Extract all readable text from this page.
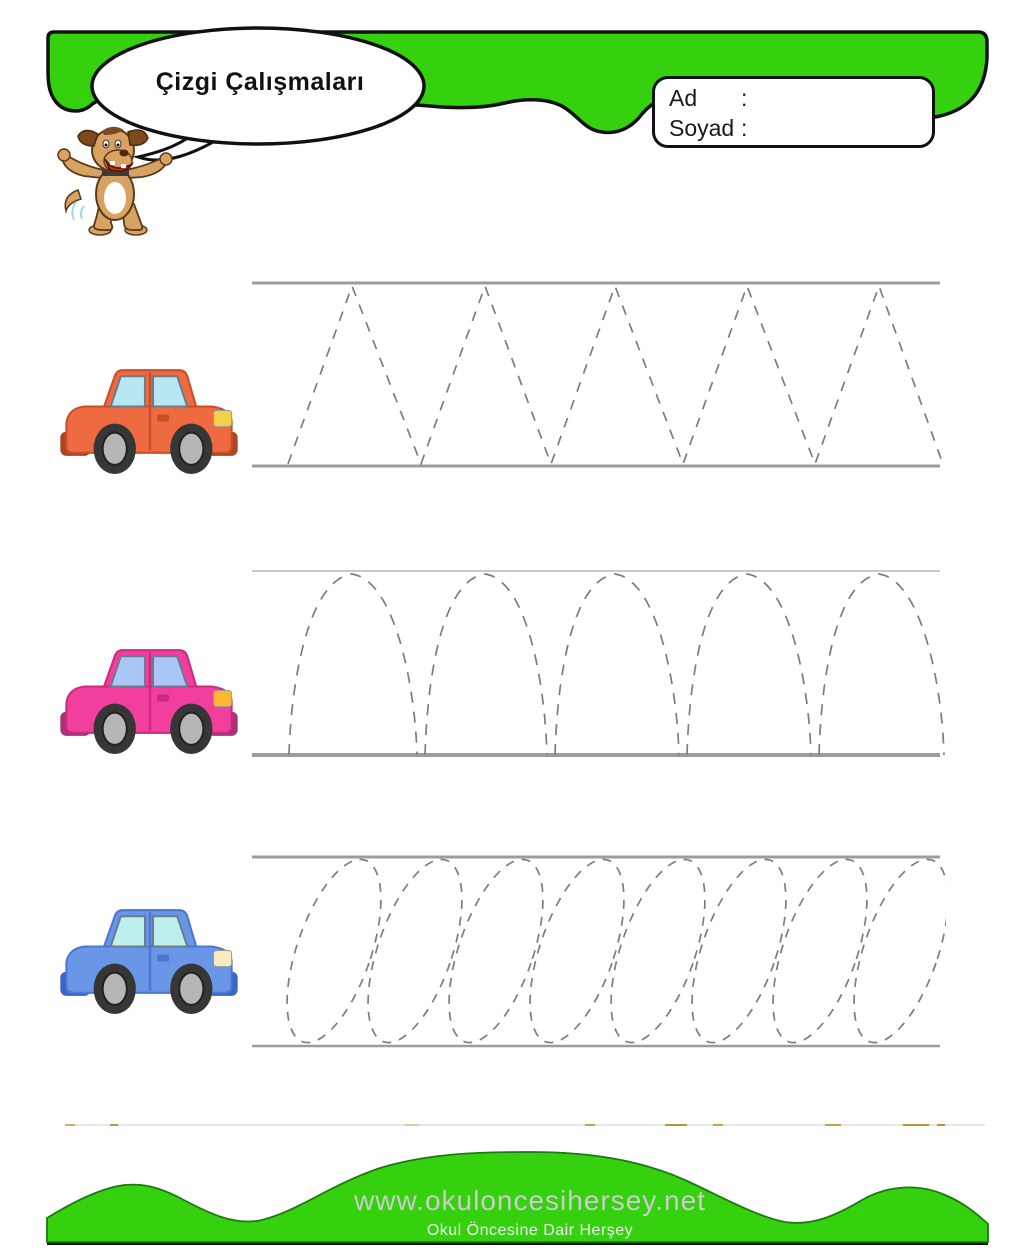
Çizgi Çalışmaları
Ad :
Soyad :
www.okuloncesihersey.net
Okul Öncesine Dair Herşey
